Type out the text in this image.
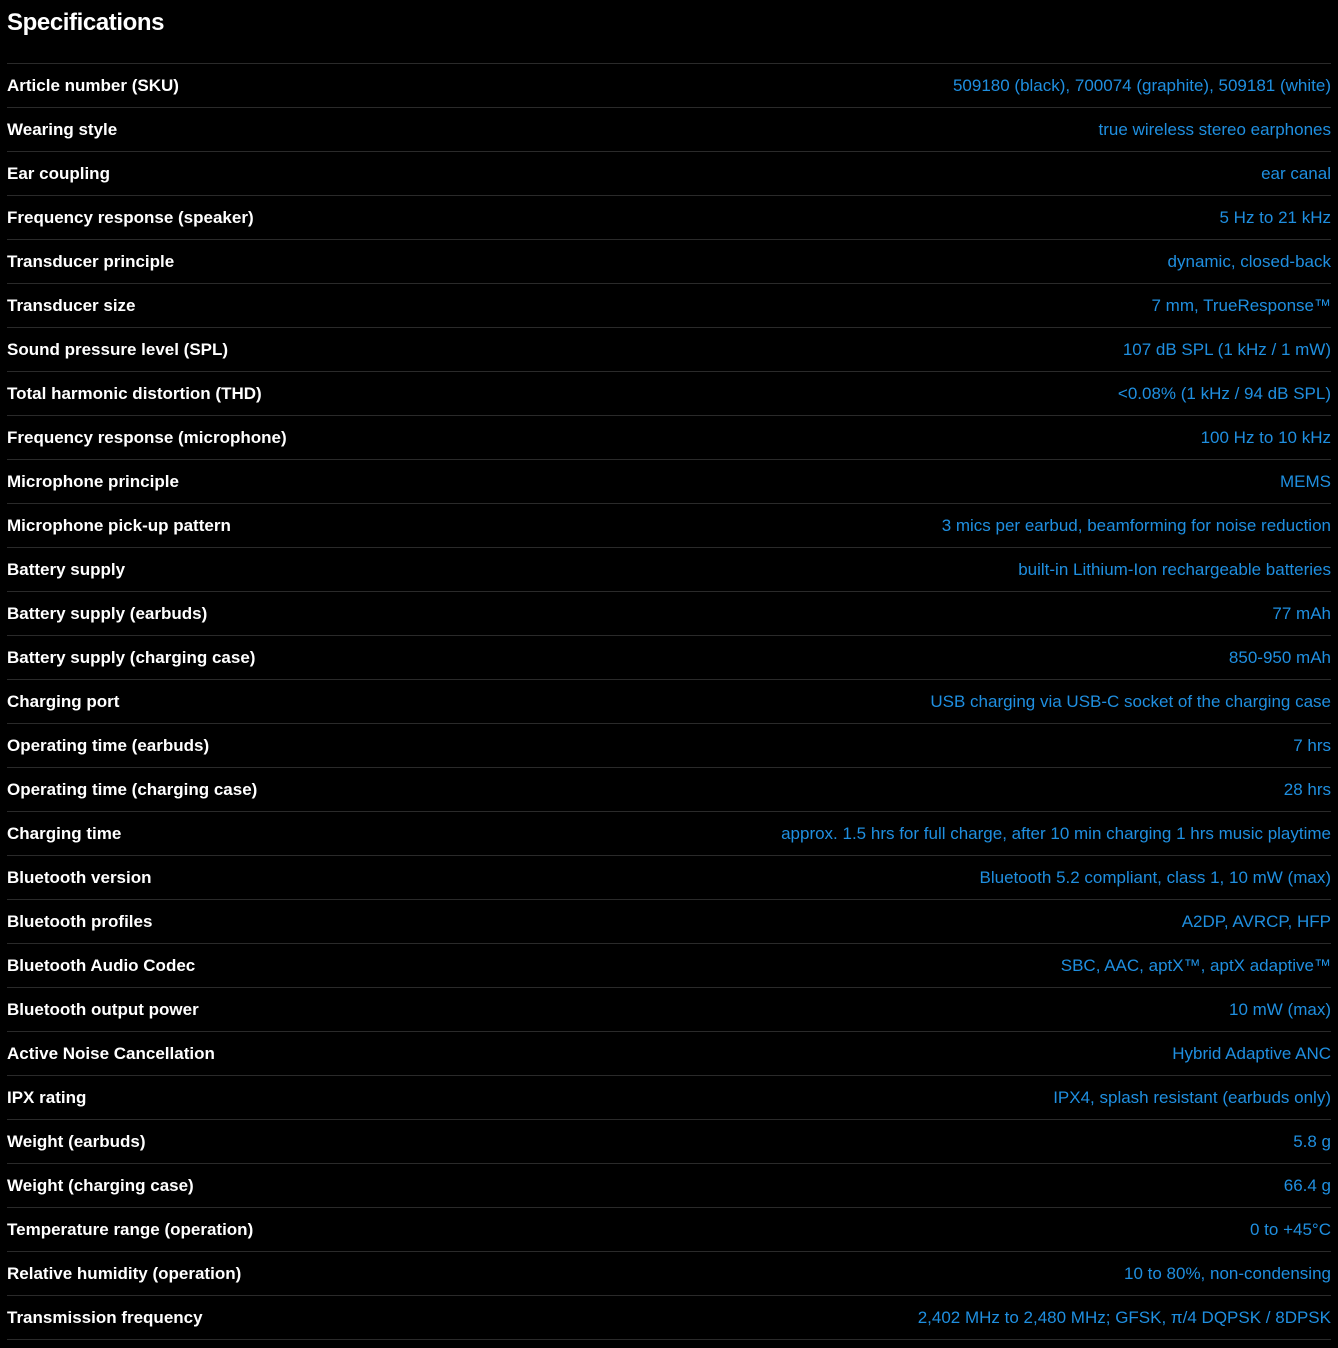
Specifications
Article number (SKU)	509180 (black), 700074 (graphite), 509181 (white)
Wearing style	true wireless stereo earphones
Ear coupling	ear canal
Frequency response (speaker)	5 Hz to 21 kHz
Transducer principle	dynamic, closed-back
Transducer size	7 mm, TrueResponse™
Sound pressure level (SPL)	107 dB SPL (1 kHz / 1 mW)
Total harmonic distortion (THD)	<0.08% (1 kHz / 94 dB SPL)
Frequency response (microphone)	100 Hz to 10 kHz
Microphone principle	MEMS
Microphone pick-up pattern	3 mics per earbud, beamforming for noise reduction
Battery supply	built-in Lithium-Ion rechargeable batteries
Battery supply (earbuds)	77 mAh
Battery supply (charging case)	850-950 mAh
Charging port	USB charging via USB-C socket of the charging case
Operating time (earbuds)	7 hrs
Operating time (charging case)	28 hrs
Charging time	approx. 1.5 hrs for full charge, after 10 min charging 1 hrs music playtime
Bluetooth version	Bluetooth 5.2 compliant, class 1, 10 mW (max)
Bluetooth profiles	A2DP, AVRCP, HFP
Bluetooth Audio Codec	SBC, AAC, aptX™, aptX adaptive™
Bluetooth output power	10 mW (max)
Active Noise Cancellation	Hybrid Adaptive ANC
IPX rating	IPX4, splash resistant (earbuds only)
Weight (earbuds)	5.8 g
Weight (charging case)	66.4 g
Temperature range (operation)	0 to +45°C
Relative humidity (operation)	10 to 80%, non-condensing
Transmission frequency	2,402 MHz to 2,480 MHz; GFSK, π/4 DQPSK / 8DPSK
